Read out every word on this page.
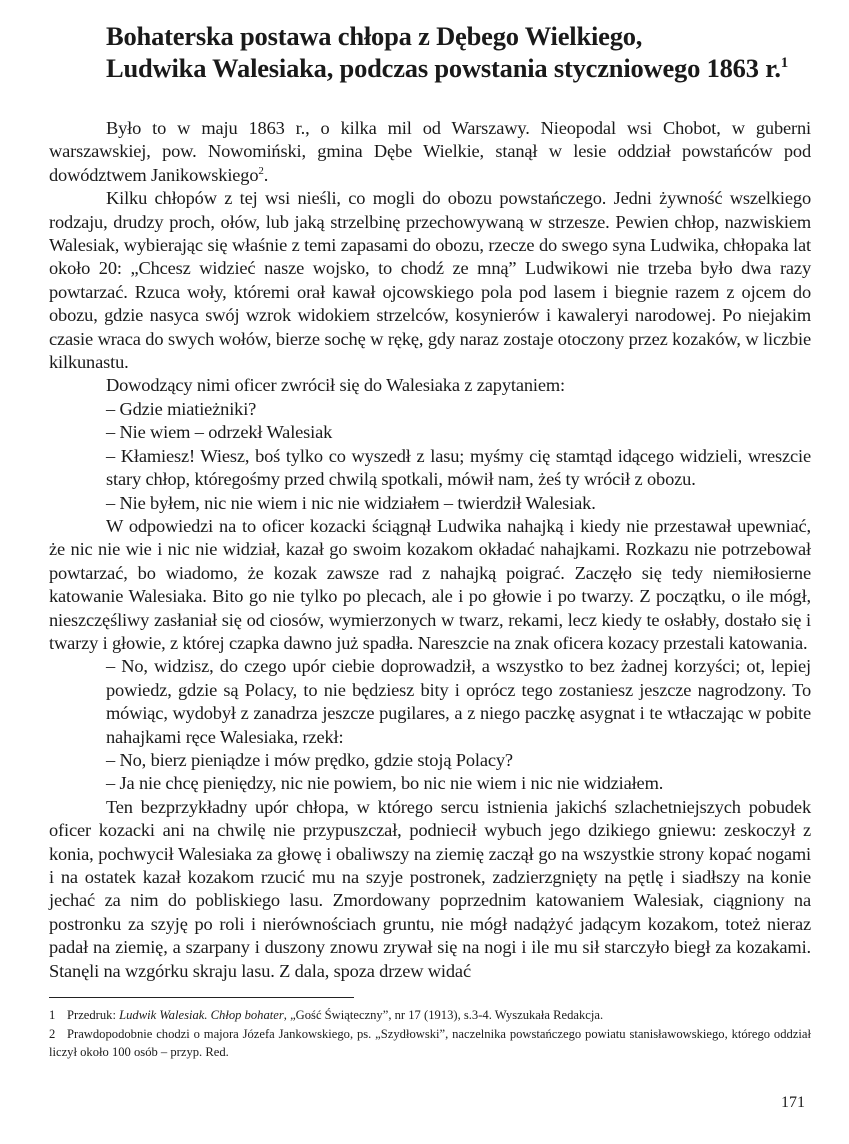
Bohaterska postawa chłopa z Dębego Wielkiego,
Ludwika Walesiaka, podczas powstania styczniowego 1863 r.$^1$

Było to w maju 1863 r., o kilka mil od Warszawy. Nieopodal wsi Chobot, w guberni warszawskiej, pow. Nowomiński, gmina Dębe Wielkie, stanął w lesie oddział powstańców pod dowództwem Janikowskiego$^2$.

Kilku chłopów z tej wsi nieśli, co mogli do obozu powstańczego. Jedni żywność wszelkiego rodzaju, drudzy proch, ołów, lub jaką strzelbinę przechowywaną w strzesze. Pewien chłop, nazwiskiem Walesiak, wybierając się właśnie z temi zapasami do obozu, rzecze do swego syna Ludwika, chłopaka lat około 20: „Chcesz widzieć nasze wojsko, to chodź ze mną” Ludwikowi nie trzeba było dwa razy powtarzać. Rzuca woły, któremi orał kawał ojcowskiego pola pod lasem i biegnie razem z ojcem do obozu, gdzie nasyca swój wzrok widokiem strzelców, kosynierów i kawaleryi narodowej. Po niejakim czasie wraca do swych wołów, bierze sochę w rękę, gdy naraz zostaje otoczony przez kozaków, w liczbie kilkunastu.

Dowodzący nimi oficer zwrócił się do Walesiaka z zapytaniem:

– Gdzie miatieżniki?

– Nie wiem – odrzekł Walesiak

– Kłamiesz! Wiesz, boś tylko co wyszedł z lasu; myśmy cię stamtąd idącego widzieli, wreszcie stary chłop, któregośmy przed chwilą spotkali, mówił nam, żeś ty wrócił z obozu.

– Nie byłem, nic nie wiem i nic nie widziałem – twierdził Walesiak.

W odpowiedzi na to oficer kozacki ściągnął Ludwika nahajką i kiedy nie przestawał upewniać, że nic nie wie i nic nie widział, kazał go swoim kozakom okładać nahajkami. Rozkazu nie potrzebował powtarzać, bo wiadomo, że kozak zawsze rad z nahajką poigrać. Zaczęło się tedy niemiłosierne katowanie Walesiaka. Bito go nie tylko po plecach, ale i po głowie i po twarzy. Z początku, o ile mógł, nieszczęśliwy zasłaniał się od ciosów, wymierzonych w twarz, rekami, lecz kiedy te osłabły, dostało się i twarzy i głowie, z której czapka dawno już spadła. Nareszcie na znak oficera kozacy przestali katowania.

– No, widzisz, do czego upór ciebie doprowadził, a wszystko to bez żadnej korzyści; ot, lepiej powiedz, gdzie są Polacy, to nie będziesz bity i oprócz tego zostaniesz jeszcze nagrodzony. To mówiąc, wydobył z zanadrza jeszcze pugilares, a z niego paczkę asygnat i te wtłaczając w pobite nahajkami ręce Walesiaka, rzekł:

– No, bierz pieniądze i mów prędko, gdzie stoją Polacy?

– Ja nie chcę pieniędzy, nic nie powiem, bo nic nie wiem i nic nie widziałem.

Ten bezprzykładny upór chłopa, w którego sercu istnienia jakichś szlachetniejszych pobudek oficer kozacki ani na chwilę nie przypuszczał, podniecił wybuch jego dzikiego gniewu: zeskoczył z konia, pochwycił Walesiaka za głowę i obaliwszy na ziemię zaczął go na wszystkie strony kopać nogami i na ostatek kazał kozakom rzucić mu na szyje postronek, zadzierzgnięty na pętlę i siadłszy na konie jechać za nim do pobliskiego lasu. Zmordowany poprzednim katowaniem Walesiak, ciągniony na postronku za szyję po roli i nierównościach gruntu, nie mógł nadążyć jadącym kozakom, toteż nieraz padał na ziemię, a szarpany i duszony znowu zrywał się na nogi i ile mu sił starczyło biegł za kozakami. Stanęli na wzgórku skraju lasu. Z dala, spoza drzew widać

1 Przedruk: Ludwik Walesiak. Chłop bohater, „Gość Świąteczny”, nr 17 (1913), s.3-4. Wyszukała Redakcja.

2 Prawdopodobnie chodzi o majora Józefa Jankowskiego, ps. „Szydłowski”, naczelnika powstańczego powiatu stanisławowskiego, którego oddział liczył około 100 osób – przyp. Red.

171
